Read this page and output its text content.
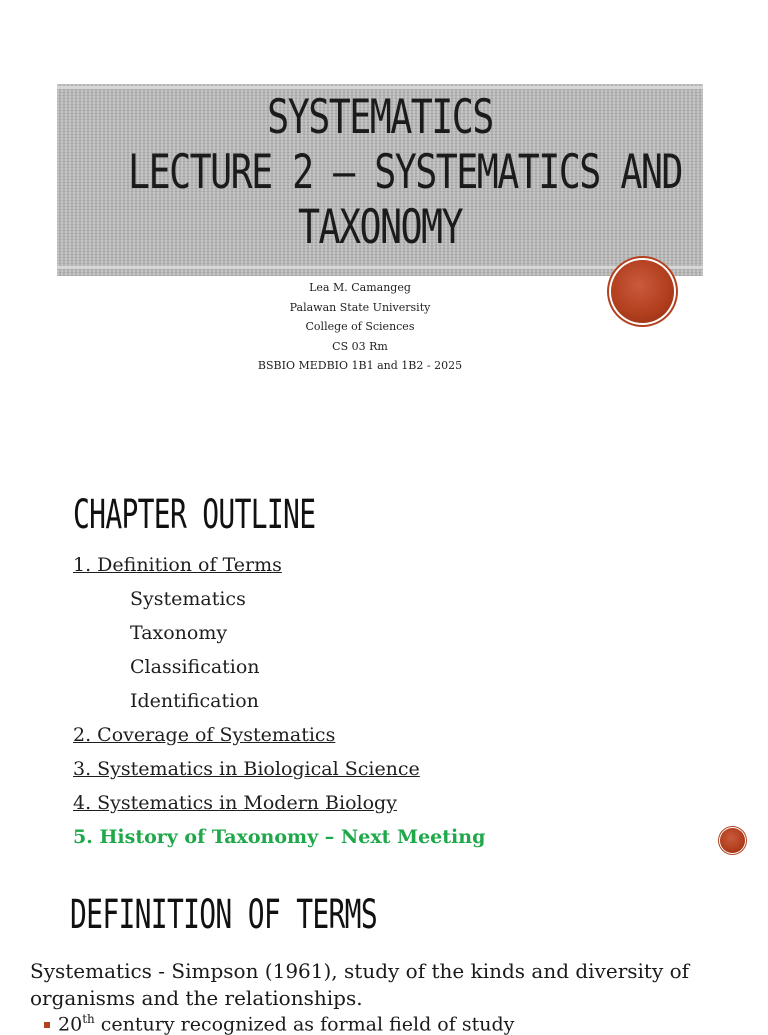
SYSTEMATICS
LECTURE 2 – SYSTEMATICS AND
TAXONOMY
Lea M. Camangeg
Palawan State University
College of Sciences
CS 03 Rm
BSBIO MEDBIO 1B1 and 1B2 - 2025
CHAPTER OUTLINE
1. Definition of Terms
Systematics
Taxonomy
Classification
Identification
2. Coverage of Systematics
3. Systematics in Biological Science
4. Systematics in Modern Biology
5. History of Taxonomy – Next Meeting
DEFINITION OF TERMS
Systematics - Simpson (1961), study of the kinds and diversity of organisms and the relationships.
20th century recognized as formal field of study
